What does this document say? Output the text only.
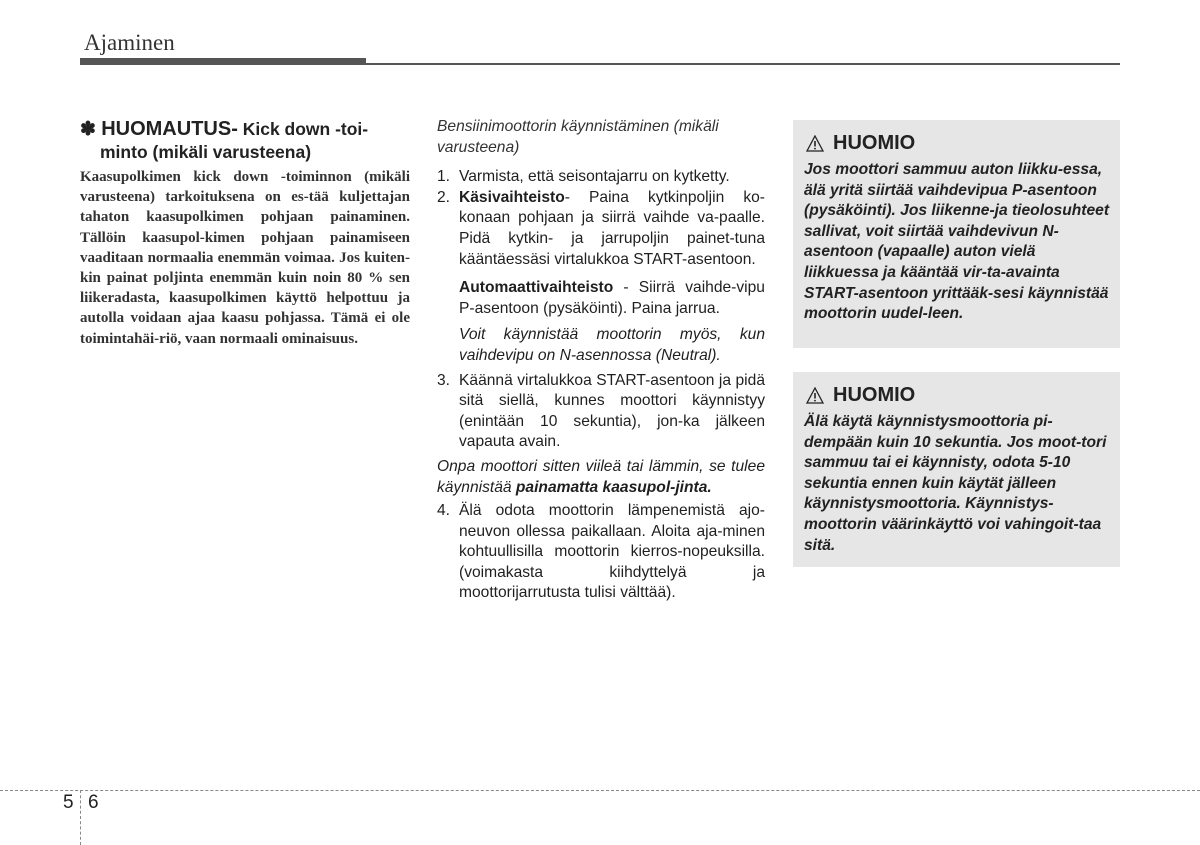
Ajaminen
✽ HUOMAUTUS- Kick down -toi-minto (mikäli varusteena)
Kaasupolkimen kick down -toiminnon (mikäli varusteena) tarkoituksena on es-tää kuljettajan tahaton kaasupolkimen pohjaan painaminen. Tällöin kaasupol-kimen pohjaan painamiseen vaaditaan normaalia enemmän voimaa. Jos kuiten-kin painat poljinta enemmän kuin noin 80 % sen liikeradasta, kaasupolkimen käyttö helpottuu ja autolla voidaan ajaa kaasu pohjassa. Tämä ei ole toimintahäi-riö, vaan normaali ominaisuus.
Bensiinimoottorin käynnistäminen (mikäli varusteena)
1. Varmista, että seisontajarru on kytketty.
2. Käsivaihteisto- Paina kytkinpoljin ko-konaan pohjaan ja siirrä vaihde va-paalle. Pidä kytkin- ja jarrupoljin painet-tuna kääntäessäsi virtalukkoa START-asentoon.
Automaattivaihteisto - Siirrä vaihde-vipu P-asentoon (pysäköinti). Paina jarrua.
Voit käynnistää moottorin myös, kun vaihdevipu on N-asennossa (Neutral).
3. Käännä virtalukkoa START-asentoon ja pidä sitä siellä, kunnes moottori käynnistyy (enintään 10 sekuntia), jon-ka jälkeen vapauta avain.
Onpa moottori sitten viileä tai lämmin, se tulee käynnistää painamatta kaasupol-jinta.
4. Älä odota moottorin lämpenemistä ajo-neuvon ollessa paikallaan. Aloita aja-minen kohtuullisilla moottorin kierros-nopeuksilla. (voimakasta kiihdyttelyä ja moottorijarrutusta tulisi välttää).
HUOMIO
Jos moottori sammuu auton liikku-essa, älä yritä siirtää vaihdevipua P-asentoon (pysäköinti). Jos liikenne-ja tieolosuhteet sallivat, voit siirtää vaihdevivun N-asentoon (vapaalle) auton vielä liikkuessa ja kääntää vir-ta-avainta START-asentoon yrittääk-sesi käynnistää moottorin uudel-leen.
HUOMIO
Älä käytä käynnistysmoottoria pi-dempään kuin 10 sekuntia. Jos moot-tori sammuu tai ei käynnisty, odota 5-10 sekuntia ennen kuin käytät jälleen käynnistysmoottoria. Käynnistys-moottorin väärinkäyttö voi vahingoit-taa sitä.
5 6
